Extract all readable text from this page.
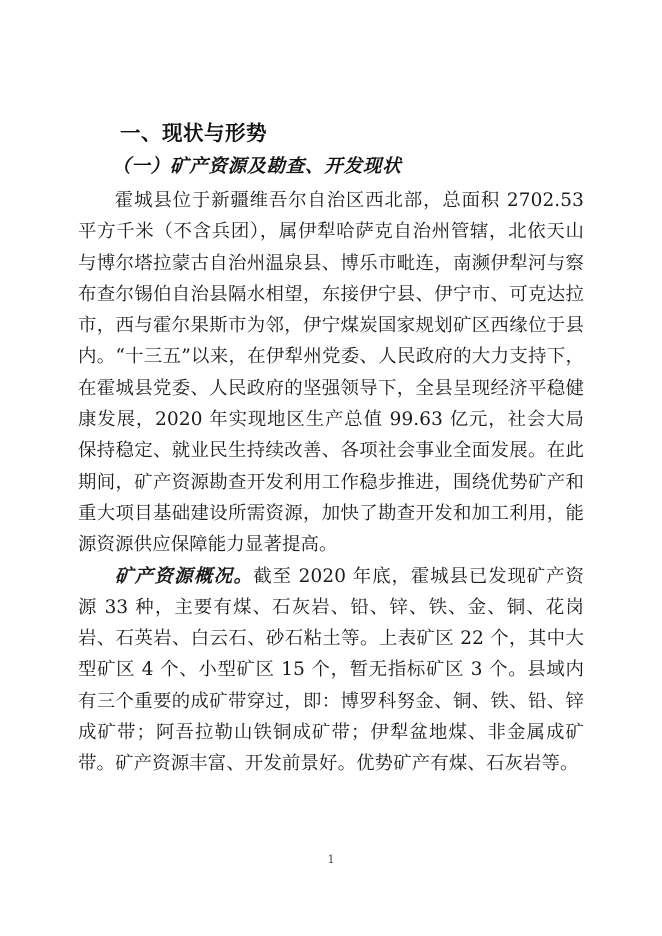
一、现状与形势
（一）矿产资源及勘查、开发现状

霍城县位于新疆维吾尔自治区西北部，总面积 2702.53 平方千米（不含兵团），属伊犁哈萨克自治州管辖，北依天山与博尔塔拉蒙古自治州温泉县、博乐市毗连，南濒伊犁河与察布查尔锡伯自治县隔水相望，东接伊宁县、伊宁市、可克达拉市，西与霍尔果斯市为邻，伊宁煤炭国家规划矿区西缘位于县内。“十三五”以来，在伊犁州党委、人民政府的大力支持下，在霍城县党委、人民政府的坚强领导下，全县呈现经济平稳健康发展，2020 年实现地区生产总值 99.63 亿元，社会大局保持稳定、就业民生持续改善、各项社会事业全面发展。在此期间，矿产资源勘查开发利用工作稳步推进，围绕优势矿产和重大项目基础建设所需资源，加快了勘查开发和加工利用，能源资源供应保障能力显著提高。

矿产资源概况。截至 2020 年底，霍城县已发现矿产资源 33 种，主要有煤、石灰岩、铅、锌、铁、金、铜、花岗岩、石英岩、白云石、砂石粘土等。上表矿区 22 个，其中大型矿区 4 个、小型矿区 15 个，暂无指标矿区 3 个。县域内有三个重要的成矿带穿过，即：博罗科努金、铜、铁、铅、锌成矿带；阿吾拉勒山铁铜成矿带；伊犁盆地煤、非金属成矿带。矿产资源丰富、开发前景好。优势矿产有煤、石灰岩等。

1
